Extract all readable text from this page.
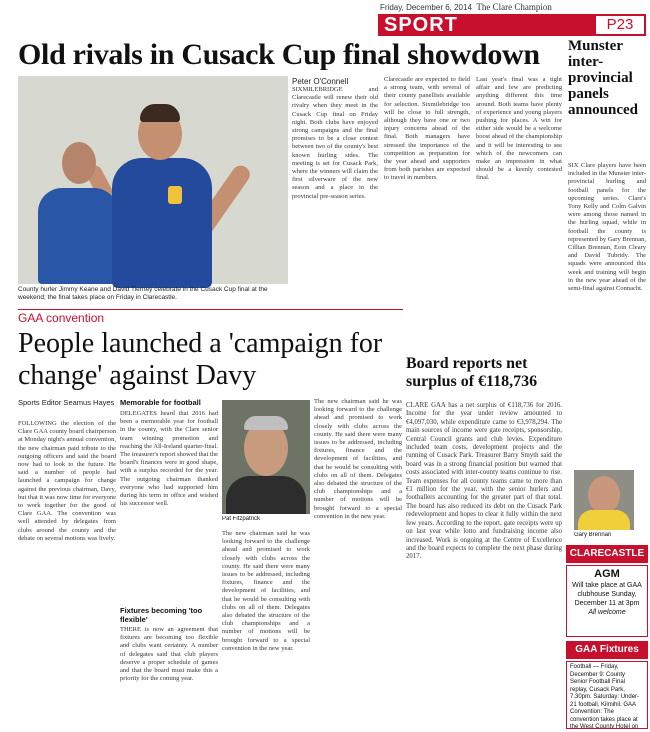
Friday, December 6, 2014 The Clare Champion
SPORT	P23
Old rivals in Cusack Cup final showdown
County hurler Jimmy Keane and David Tierney celebrate in the Cusack Cup final at the weekend; the final takes place on Friday in Clarecastle.
Peter O'Connell
SIXMILEBRIDGE and Clarecastle will renew their old rivalry when they meet in the Cusack Cup final on Friday night. Both clubs have enjoyed strong campaigns and the final promises to be a close contest between two of the county's best known hurling sides. The meeting is set for Cusack Park, where the winners will claim the first silverware of the new season and a place in the provincial pre-season series.
Clarecastle are expected to field a strong team, with several of their county panellists available for selection. Sixmilebridge too will be close to full strength, although they have one or two injury concerns ahead of the final. Both managers have stressed the importance of the competition as preparation for the year ahead and supporters from both parishes are expected to travel in numbers.
Last year's final was a tight affair and few are predicting anything different this time around. Both teams have plenty of experience and young players pushing for places. A win for either side would be a welcome boost ahead of the championship and it will be interesting to see which of the newcomers can make an impression in what should be a keenly contested final.
Munster inter-provincial panels announced
SIX Clare players have been included in the Munster inter-provincial hurling and football panels for the upcoming series. Clare's Tony Kelly and Colm Galvin were among those named in the hurling squad, while in football the county is represented by Gary Brennan, Cillian Brennan, Eoin Cleary and David Tubridy. The squads were announced this week and training will begin in the new year ahead of the semi-final against Connacht.
Gary Brennan
CLARECASTLE
AGM
Will take place at GAA clubhouse Sunday, December 11 at 3pm
All welcome
GAA Fixtures
Football — Friday, December 9: County Senior Football Final replay, Cusack Park, 7.30pm. Saturday: Under-21 football, Kilmihil. GAA Convention: The convention takes place at the West County Hotel on
GAA convention
People launched a 'campaign for change' against Davy
Sports Editor Seamus Hayes
FOLLOWING the election of the Clare GAA county board chairperson at Monday night's annual convention, the new chairman paid tribute to the outgoing officers and said the board now had to look to the future. He said a number of people had launched a campaign for change against the previous chairman, Davy, but that it was now time for everyone to work together for the good of Clare GAA. The convention was well attended by delegates from clubs around the county and the debate on several motions was lively.
Memorable for football
DELEGATES heard that 2016 had been a memorable year for football in the county, with the Clare senior team winning promotion and reaching the All-Ireland quarter-final. The treasurer's report showed that the board's finances were in good shape, with a surplus recorded for the year. The outgoing chairman thanked everyone who had supported him during his term in office and wished his successor well.
Fixtures becoming 'too flexible'
THERE is now an agreement that fixtures are becoming too flexible and clubs want certainty. A number of delegates said that club players deserve a proper schedule of games and that the board must make this a priority for the coming year.
Pat Fitzpatrick
The new chairman said he was looking forward to the challenge ahead and promised to work closely with clubs across the county. He said there were many issues to be addressed, including fixtures, finance and the development of facilities, and that he would be consulting with clubs on all of them. Delegates also debated the structure of the club championships and a number of motions will be brought forward to a special convention in the new year.
The new chairman said he was looking forward to the challenge ahead and promised to work closely with clubs across the county. He said there were many issues to be addressed, including fixtures, finance and the development of facilities, and that he would be consulting with clubs on all of them. Delegates also debated the structure of the club championships and a number of motions will be brought forward to a special convention in the new year.
Board reports net surplus of €118,736
CLARE GAA has a net surplus of €118,736 for 2016. Income for the year under review amounted to €4,097,030, while expenditure came to €3,978,294. The main sources of income were gate receipts, sponsorship, Central Council grants and club levies. Expenditure included team costs, development projects and the running of Cusack Park. Treasurer Barry Smyth said the board was in a strong financial position but warned that costs associated with inter-county teams continue to rise. Team expenses for all county teams came to more than €1 million for the year, with the senior hurlers and footballers accounting for the greater part of that total. The board has also reduced its debt on the Cusack Park redevelopment and hopes to clear it fully within the next few years. According to the report, gate receipts were up on last year while lotto and fundraising income also increased. Work is ongoing at the Centre of Excellence and the board expects to complete the next phase during 2017.
